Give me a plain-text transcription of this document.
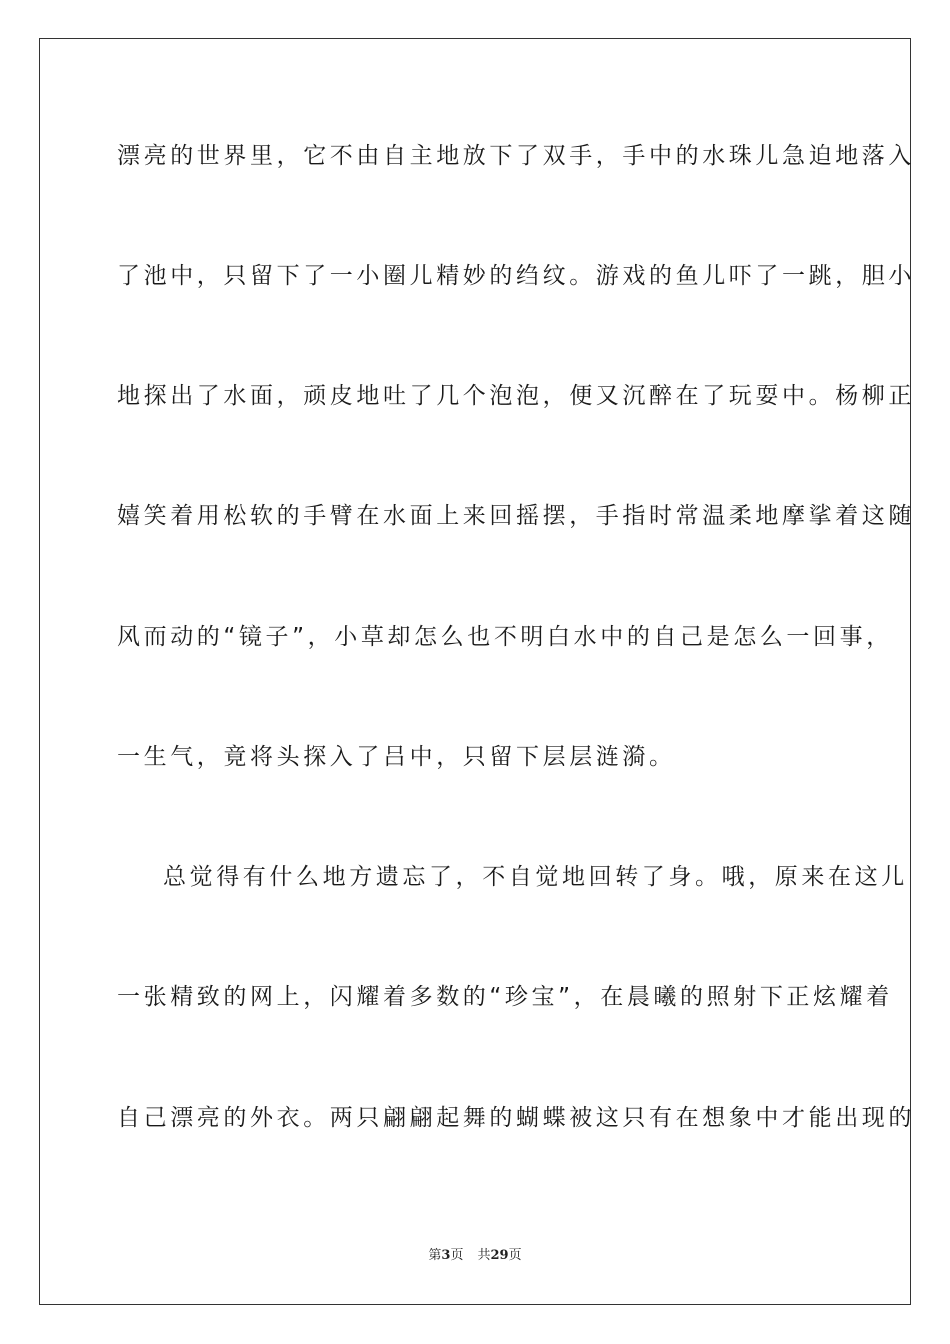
漂亮的世界里，它不由自主地放下了双手，手中的水珠儿急迫地落入
了池中，只留下了一小圈儿精妙的绉纹。游戏的鱼儿吓了一跳，胆小
地探出了水面，顽皮地吐了几个泡泡，便又沉醉在了玩耍中。杨柳正
嬉笑着用松软的手臂在水面上来回摇摆，手指时常温柔地摩挲着这随
风而动的“镜子”，小草却怎么也不明白水中的自己是怎么一回事，
一生气，竟将头探入了吕中，只留下层层涟漪。
总觉得有什么地方遗忘了，不自觉地回转了身。哦，原来在这儿
一张精致的网上，闪耀着多数的“珍宝”，在晨曦的照射下正炫耀着
自己漂亮的外衣。两只翩翩起舞的蝴蝶被这只有在想象中才能出现的
第3页 共29页
